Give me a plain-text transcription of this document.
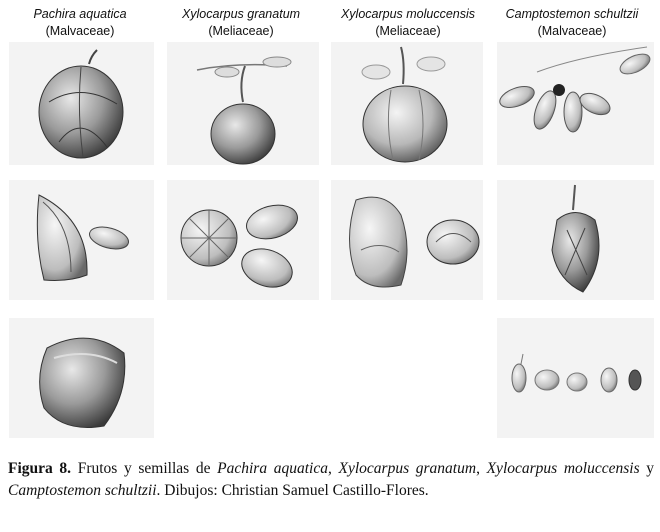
Pachira aquatica
(Malvaceae)
Xylocarpus granatum
(Meliaceae)
Xylocarpus moluccensis
(Meliaceae)
Camptostemon schultzii
(Malvaceae)
Figura 8. Frutos y semillas de Pachira aquatica, Xylocarpus granatum, Xylocarpus moluccensis y Camptostemon schultzii. Dibujos: Christian Samuel Castillo-Flores.
